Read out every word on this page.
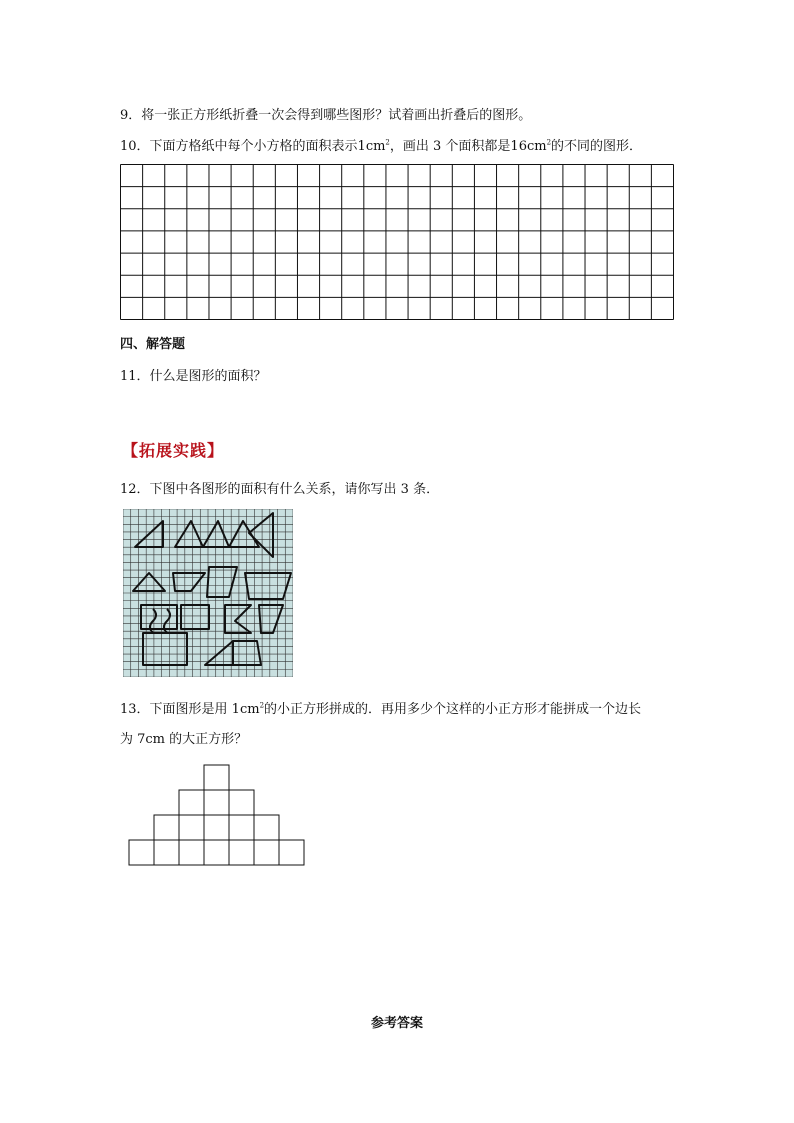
9．将一张正方形纸折叠一次会得到哪些图形？试着画出折叠后的图形。
10．下面方格纸中每个小方格的面积表示$1cm^2$，画出 3 个面积都是$16cm^2$的不同的图形．
四、解答题
11．什么是图形的面积？
【拓展实践】
12．下图中各图形的面积有什么关系，请你写出 3 条．
13．下面图形是用 $1cm^2$的小正方形拼成的．再用多少个这样的小正方形才能拼成一个边长
为 7cm 的大正方形？
参考答案
